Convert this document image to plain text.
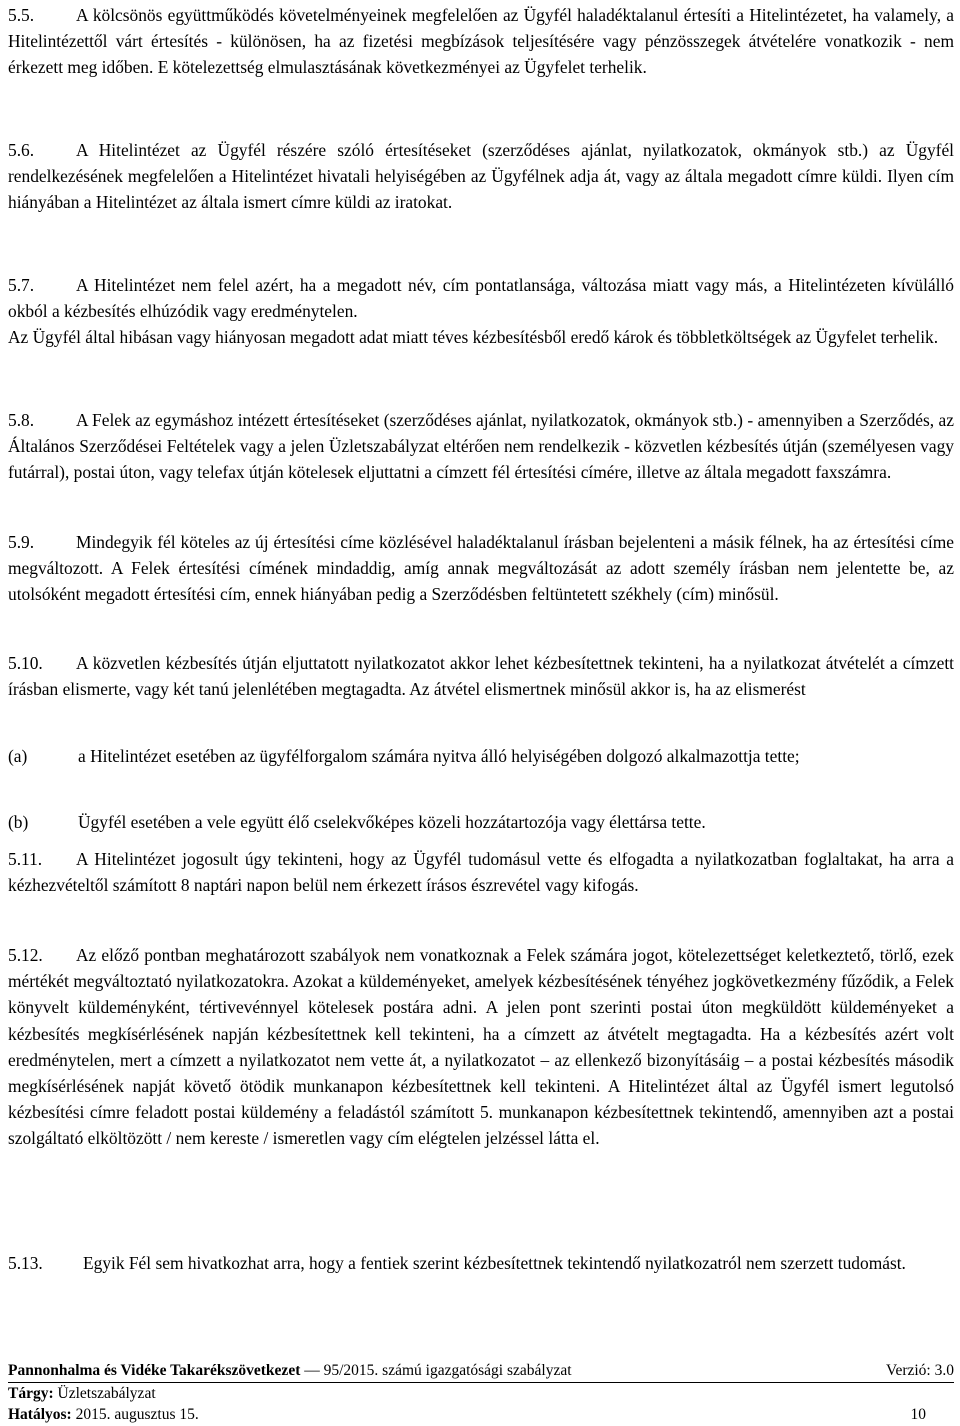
5.5. A kölcsönös együttműködés követelményeinek megfelelően az Ügyfél haladéktalanul értesíti a Hitelintézetet, ha valamely, a Hitelintézettől várt értesítés - különösen, ha az fizetési megbízások teljesítésére vagy pénzösszegek átvételére vonatkozik - nem érkezett meg időben. E kötelezettség elmulasztásának következményei az Ügyfelet terhelik.

5.6. A Hitelintézet az Ügyfél részére szóló értesítéseket (szerződéses ajánlat, nyilatkozatok, okmányok stb.) az Ügyfél rendelkezésének megfelelően a Hitelintézet hivatali helyiségében az Ügyfélnek adja át, vagy az általa megadott címre küldi. Ilyen cím hiányában a Hitelintézet az általa ismert címre küldi az iratokat.

5.7. A Hitelintézet nem felel azért, ha a megadott név, cím pontatlansága, változása miatt vagy más, a Hitelintézeten kívülálló okból a kézbesítés elhúzódik vagy eredménytelen.

Az Ügyfél által hibásan vagy hiányosan megadott adat miatt téves kézbesítésből eredő károk és többletköltségek az Ügyfelet terhelik.

5.8. A Felek az egymáshoz intézett értesítéseket (szerződéses ajánlat, nyilatkozatok, okmányok stb.) - amennyiben a Szerződés, az Általános Szerződései Feltételek vagy a jelen Üzletszabályzat eltérően nem rendelkezik - közvetlen kézbesítés útján (személyesen vagy futárral), postai úton, vagy telefax útján kötelesek eljuttatni a címzett fél értesítési címére, illetve az általa megadott faxszámra.

5.9. Mindegyik fél köteles az új értesítési címe közlésével haladéktalanul írásban bejelenteni a másik félnek, ha az értesítési címe megváltozott. A Felek értesítési címének mindaddig, amíg annak megváltozását az adott személy írásban nem jelentette be, az utolsóként megadott értesítési cím, ennek hiányában pedig a Szerződésben feltüntetett székhely (cím) minősül.

5.10. A közvetlen kézbesítés útján eljuttatott nyilatkozatot akkor lehet kézbesítettnek tekinteni, ha a nyilatkozat átvételét a címzett írásban elismerte, vagy két tanú jelenlétében megtagadta. Az átvétel elismertnek minősül akkor is, ha az elismerést

(a)	a Hitelintézet esetében az ügyfélforgalom számára nyitva álló helyiségében dolgozó alkalmazottja tette;
(b)	Ügyfél esetében a vele együtt élő cselekvőképes közeli hozzátartozója vagy élettársa tette.

5.11. A Hitelintézet jogosult úgy tekinteni, hogy az Ügyfél tudomásul vette és elfogadta a nyilatkozatban foglaltakat, ha arra a kézhezvételtől számított 8 naptári napon belül nem érkezett írásos észrevétel vagy kifogás.

5.12. Az előző pontban meghatározott szabályok nem vonatkoznak a Felek számára jogot, kötelezettséget keletkeztető, törlő, ezek mértékét megváltoztató nyilatkozatokra. Azokat a küldeményeket, amelyek kézbesítésének tényéhez jogkövetkezmény fűződik, a Felek könyvelt küldeményként, tértivevénnyel kötelesek postára adni. A jelen pont szerinti postai úton megküldött küldeményeket a kézbesítés megkísérlésének napján kézbesítettnek kell tekinteni, ha a címzett az átvételt megtagadta. Ha a kézbesítés azért volt eredménytelen, mert a címzett a nyilatkozatot nem vette át, a nyilatkozatot – az ellenkező bizonyításáig – a postai kézbesítés második megkísérlésének napját követő ötödik munkanapon kézbesítettnek kell tekinteni. A Hitelintézet által az Ügyfél ismert legutolsó kézbesítési címre feladott postai küldemény a feladástól számított 5. munkanapon kézbesítettnek tekintendő, amennyiben azt a postai szolgáltató elköltözött / nem kereste / ismeretlen vagy cím elégtelen jelzéssel látta el.

5.13. Egyik Fél sem hivatkozhat arra, hogy a fentiek szerint kézbesítettnek tekintendő nyilatkozatról nem szerzett tudomást.

Pannonhalma és Vidéke Takarékszövetkezet — 95/2015. számú igazgatósági szabályzat	Verzió: 3.0
Tárgy: Üzletszabályzat
Hatályos: 2015. augusztus 15.	10
